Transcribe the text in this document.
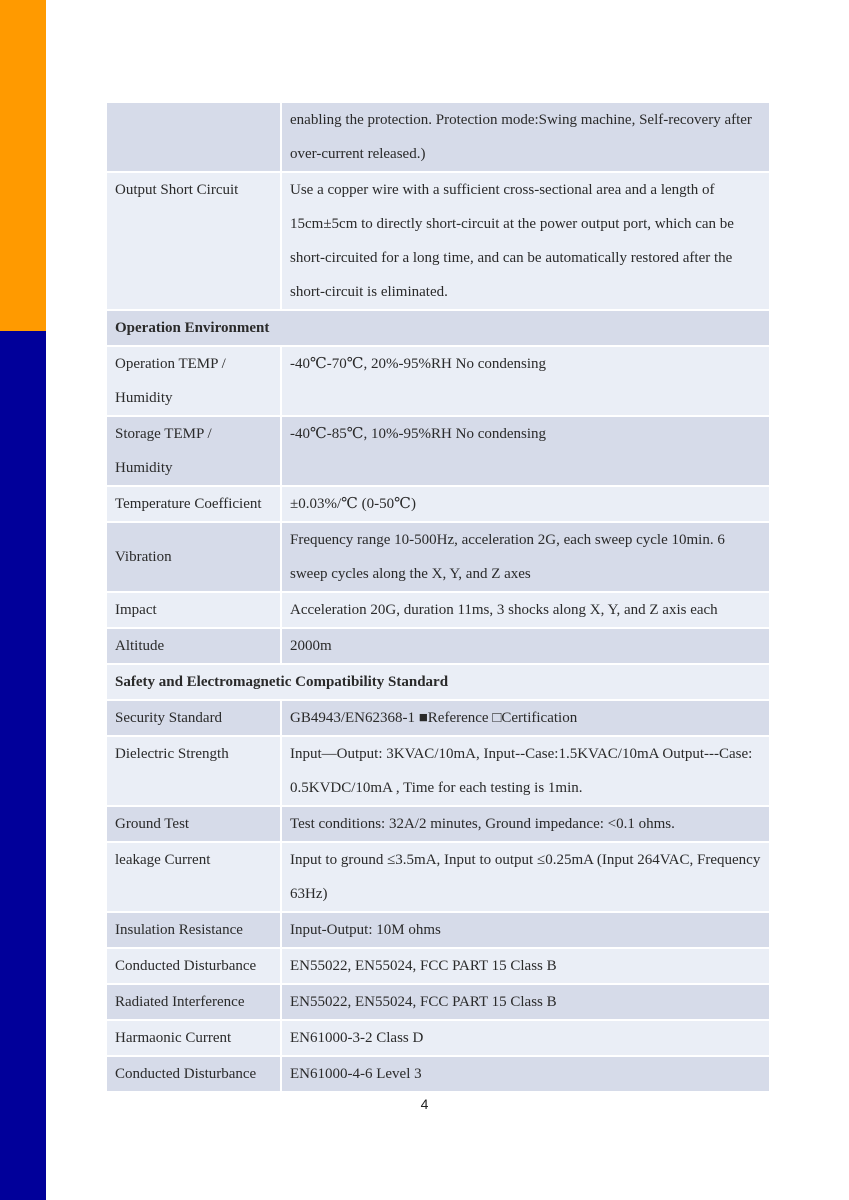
	enabling the protection. Protection mode:Swing machine, Self-recovery after over-current released.)
Output Short Circuit	Use a copper wire with a sufficient cross-sectional area and a length of 15cm±5cm to directly short-circuit at the power output port, which can be short-circuited for a long time, and can be automatically restored after the short-circuit is eliminated.
Operation Environment	
Operation TEMP / Humidity	-40℃-70℃, 20%-95%RH No condensing
Storage TEMP / Humidity	-40℃-85℃, 10%-95%RH No condensing
Temperature Coefficient	±0.03%/℃ (0-50℃)
Vibration	Frequency range 10-500Hz, acceleration 2G, each sweep cycle 10min. 6 sweep cycles along the X, Y, and Z axes
Impact	Acceleration 20G, duration 11ms, 3 shocks along X, Y, and Z axis each
Altitude	2000m
Safety and Electromagnetic Compatibility Standard	
Security Standard	GB4943/EN62368-1 ■Reference □Certification
Dielectric Strength	Input—Output: 3KVAC/10mA, Input--Case:1.5KVAC/10mA Output---Case: 0.5KVDC/10mA , Time for each testing is 1min.
Ground Test	Test conditions: 32A/2 minutes, Ground impedance: <0.1 ohms.
leakage Current	Input to ground ≤3.5mA, Input to output ≤0.25mA (Input 264VAC, Frequency 63Hz)
Insulation Resistance	Input-Output: 10M ohms
Conducted Disturbance	EN55022, EN55024, FCC PART 15 Class B
Radiated Interference	EN55022, EN55024, FCC PART 15 Class B
Harmaonic Current	EN61000-3-2 Class D
Conducted Disturbance	EN61000-4-6 Level 3
4
